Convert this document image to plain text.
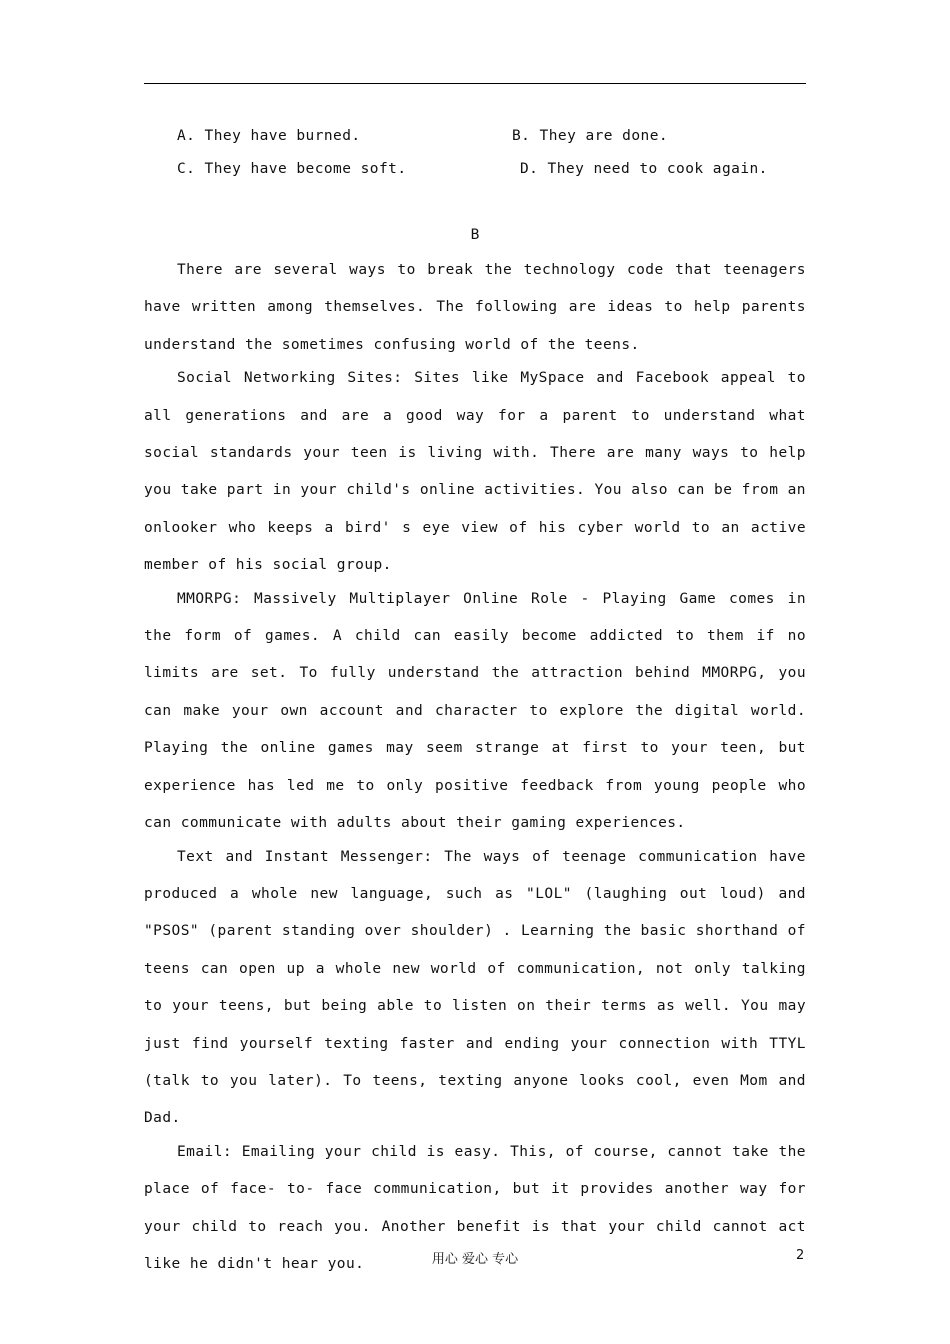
A. They have burned.	B. They are done.
C. They have become soft.	D. They need to cook again.
B

There are several ways to break the technology code that teenagers have written among themselves. The following are ideas to help parents understand the sometimes confusing world of the teens.

Social Networking Sites: Sites like MySpace and Facebook appeal to all generations and are a good way for a parent to understand what social standards your teen is living with. There are many ways to help you take part in your child's online activities. You also can be from an onlooker who keeps a bird' s eye view of his cyber world to an active member of his social group.

MMORPG: Massively Multiplayer Online Role - Playing Game comes in the form of games. A child can easily become addicted to them if no limits are set. To fully understand the attraction behind MMORPG, you can make your own account and character to explore the digital world. Playing the online games may seem strange at first to your teen, but experience has led me to only positive feedback from young people who can communicate with adults about their gaming experiences.

Text and Instant Messenger: The ways of teenage communication have produced a whole new language, such as "LOL" (laughing out loud) and "PSOS" (parent standing over shoulder) . Learning the basic shorthand of teens can open up a whole new world of communication, not only talking to your teens, but being able to listen on their terms as well. You may just find yourself texting faster and ending your connection with TTYL (talk to you later). To teens, texting anyone looks cool, even Mom and Dad.

Email: Emailing your child is easy. This, of course, cannot take the place of face- to- face communication, but it provides another way for your child to reach you. Another benefit is that your child cannot act like he didn't hear you.	用心 爱心 专心	2
